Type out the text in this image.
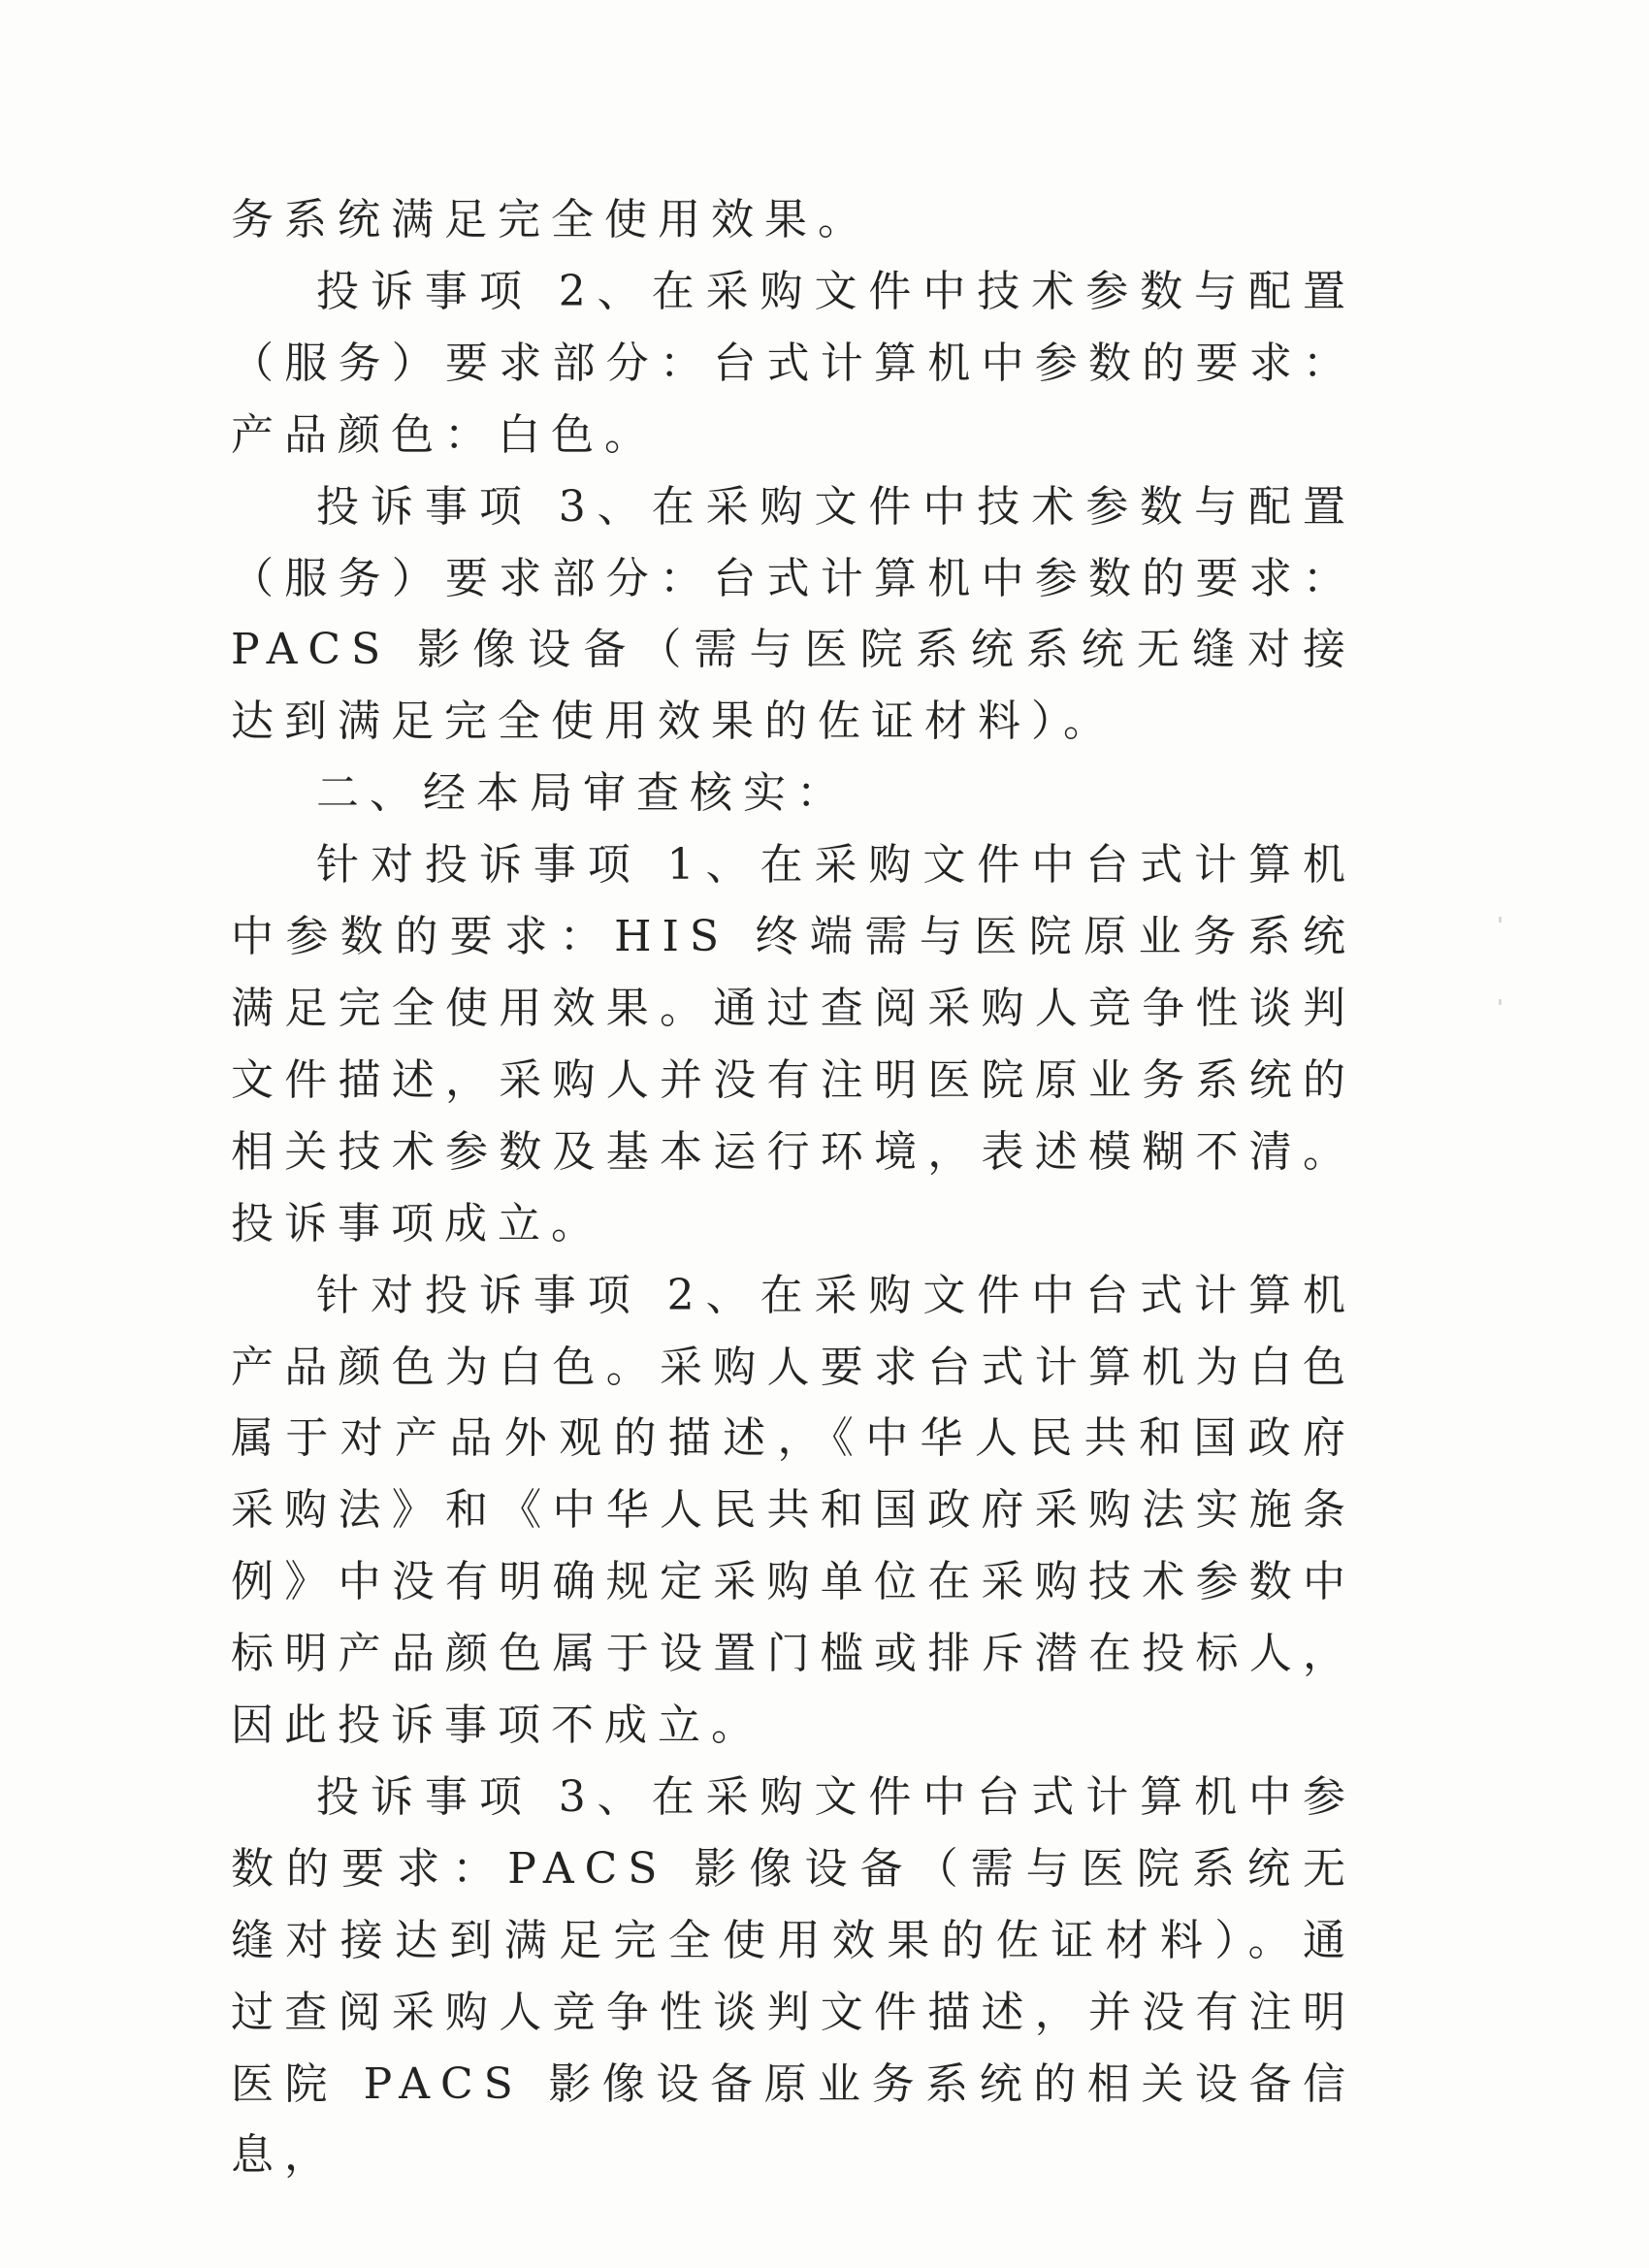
务系统满足完全使用效果。

投诉事项 2、在采购文件中技术参数与配置（服务）要求部分：台式计算机中参数的要求：产品颜色：白色。

投诉事项 3、在采购文件中技术参数与配置（服务）要求部分：台式计算机中参数的要求：PACS 影像设备（需与医院系统系统无缝对接达到满足完全使用效果的佐证材料）。

二、经本局审查核实：

针对投诉事项 1、在采购文件中台式计算机中参数的要求：HIS 终端需与医院原业务系统满足完全使用效果。通过查阅采购人竞争性谈判文件描述，采购人并没有注明医院原业务系统的相关技术参数及基本运行环境，表述模糊不清。投诉事项成立。

针对投诉事项 2、在采购文件中台式计算机产品颜色为白色。采购人要求台式计算机为白色属于对产品外观的描述，《中华人民共和国政府采购法》和《中华人民共和国政府采购法实施条例》中没有明确规定采购单位在采购技术参数中标明产品颜色属于设置门槛或排斥潜在投标人，因此投诉事项不成立。

投诉事项 3、在采购文件中台式计算机中参数的要求：PACS 影像设备（需与医院系统无缝对接达到满足完全使用效果的佐证材料）。通过查阅采购人竞争性谈判文件描述，并没有注明医院 PACS 影像设备原业务系统的相关设备信息，
